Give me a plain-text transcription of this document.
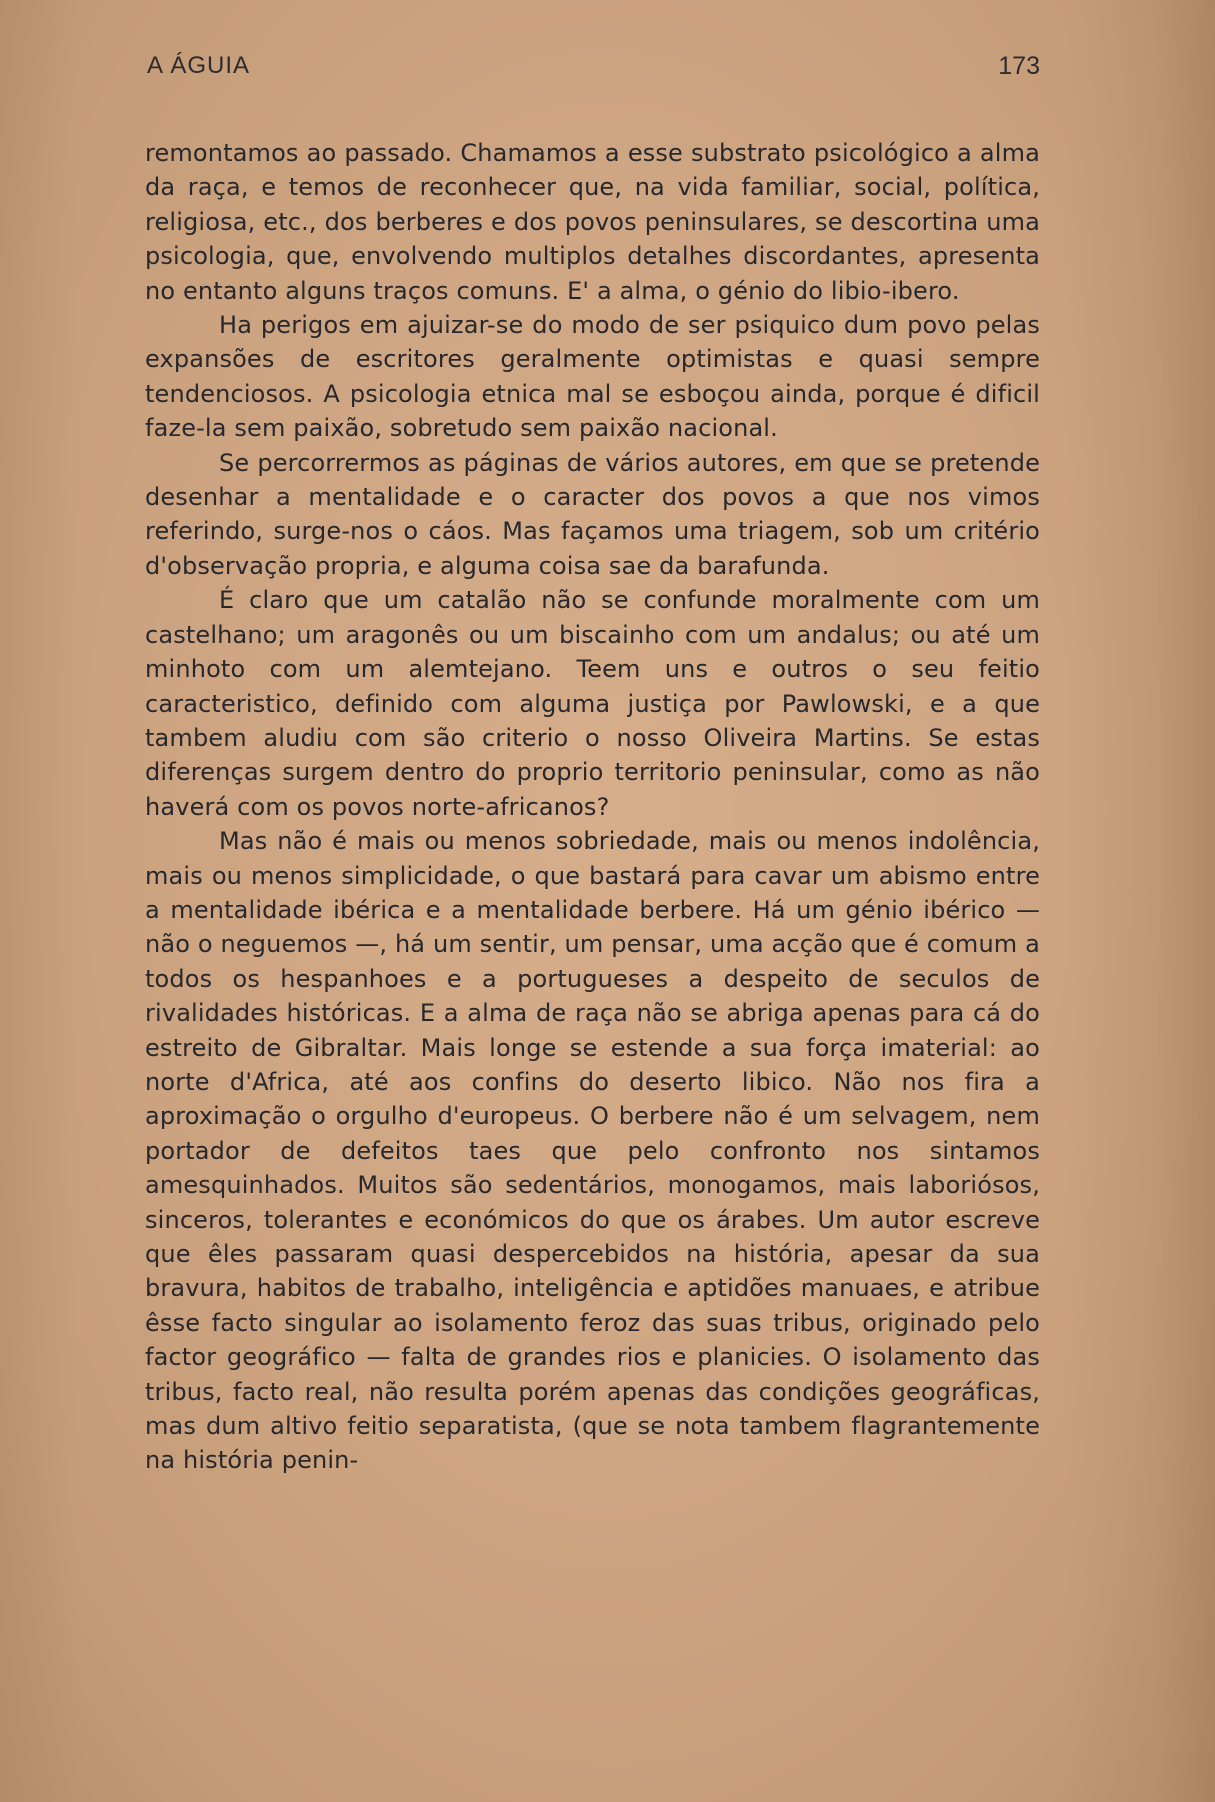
A ÁGUIA	173

remontamos ao passado. Chamamos a esse substrato psicológico a alma da raça, e temos de reconhecer que, na vida familiar, social, política, religiosa, etc., dos berberes e dos povos peninsulares, se descortina uma psicologia, que, envolvendo multiplos detalhes discordantes, apresenta no entanto alguns traços comuns. E' a alma, o génio do libio-ibero.

Ha perigos em ajuizar-se do modo de ser psiquico dum povo pelas expansões de escritores geralmente optimistas e quasi sempre tendenciosos. A psicologia etnica mal se esboçou ainda, porque é dificil faze-la sem paixão, sobretudo sem paixão nacional.

Se percorrermos as páginas de vários autores, em que se pretende desenhar a mentalidade e o caracter dos povos a que nos vimos referindo, surge-nos o cáos. Mas façamos uma triagem, sob um critério d'observação propria, e alguma coisa sae da barafunda.

É claro que um catalão não se confunde moralmente com um castelhano; um aragonês ou um biscainho com um andalus; ou até um minhoto com um alemtejano. Teem uns e outros o seu feitio caracteristico, definido com alguma justiça por Pawlowski, e a que tambem aludiu com são criterio o nosso Oliveira Martins. Se estas diferenças surgem dentro do proprio territorio peninsular, como as não haverá com os povos norte-africanos?

Mas não é mais ou menos sobriedade, mais ou menos indolência, mais ou menos simplicidade, o que bastará para cavar um abismo entre a mentalidade ibérica e a mentalidade berbere. Há um génio ibérico — não o neguemos —, há um sentir, um pensar, uma acção que é comum a todos os hespanhoes e a portugueses a despeito de seculos de rivalidades históricas. E a alma de raça não se abriga apenas para cá do estreito de Gibraltar. Mais longe se estende a sua força imaterial: ao norte d'Africa, até aos confins do deserto libico. Não nos fira a aproximação o orgulho d'europeus. O berbere não é um selvagem, nem portador de defeitos taes que pelo confronto nos sintamos amesquinhados. Muitos são sedentários, monogamos, mais laboriósos, sinceros, tolerantes e económicos do que os árabes. Um autor escreve que êles passaram quasi despercebidos na história, apesar da sua bravura, habitos de trabalho, inteligência e aptidões manuaes, e atribue êsse facto singular ao isolamento feroz das suas tribus, originado pelo factor geográfico — falta de grandes rios e planicies. O isolamento das tribus, facto real, não resulta porém apenas das condições geográficas, mas dum altivo feitio separatista, (que se nota tambem flagrantemente na história penin-
